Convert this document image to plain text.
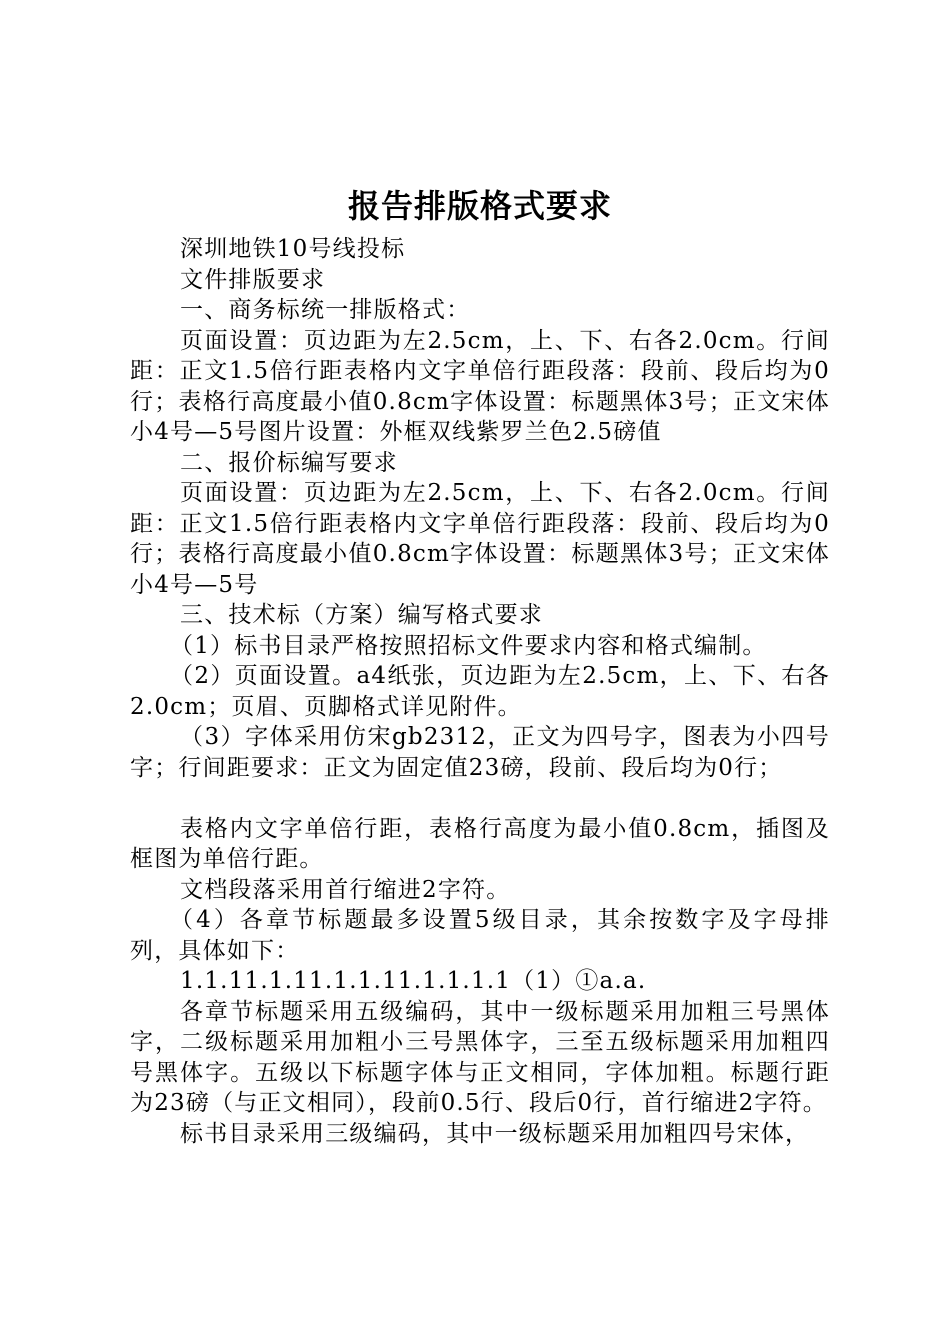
报告排版格式要求

深圳地铁10号线投标

文件排版要求

一、商务标统一排版格式：

页面设置：页边距为左2.5cm，上、下、右各2.0cm。行间距：正文1.5倍行距表格内文字单倍行距段落：段前、段后均为0行；表格行高度最小值0.8cm字体设置：标题黑体3号；正文宋体小4号—5号图片设置：外框双线紫罗兰色2.5磅值

二、报价标编写要求

页面设置：页边距为左2.5cm，上、下、右各2.0cm。行间距：正文1.5倍行距表格内文字单倍行距段落：段前、段后均为0行；表格行高度最小值0.8cm字体设置：标题黑体3号；正文宋体小4号—5号

三、技术标（方案）编写格式要求

（1）标书目录严格按照招标文件要求内容和格式编制。

（2）页面设置。a4纸张，页边距为左2.5cm，上、下、右各2.0cm；页眉、页脚格式详见附件。

（3）字体采用仿宋gb2312，正文为四号字，图表为小四号字；行间距要求：正文为固定值23磅，段前、段后均为0行；

表格内文字单倍行距，表格行高度为最小值0.8cm，插图及框图为单倍行距。

文档段落采用首行缩进2字符。

（4）各章节标题最多设置5级目录，其余按数字及字母排列，具体如下：

1.1.11.1.11.1.1.11.1.1.1.1（1）①a.a.

各章节标题采用五级编码，其中一级标题采用加粗三号黑体字，二级标题采用加粗小三号黑体字，三至五级标题采用加粗四号黑体字。五级以下标题字体与正文相同，字体加粗。标题行距为23磅（与正文相同），段前0.5行、段后0行，首行缩进2字符。

标书目录采用三级编码，其中一级标题采用加粗四号宋体，
